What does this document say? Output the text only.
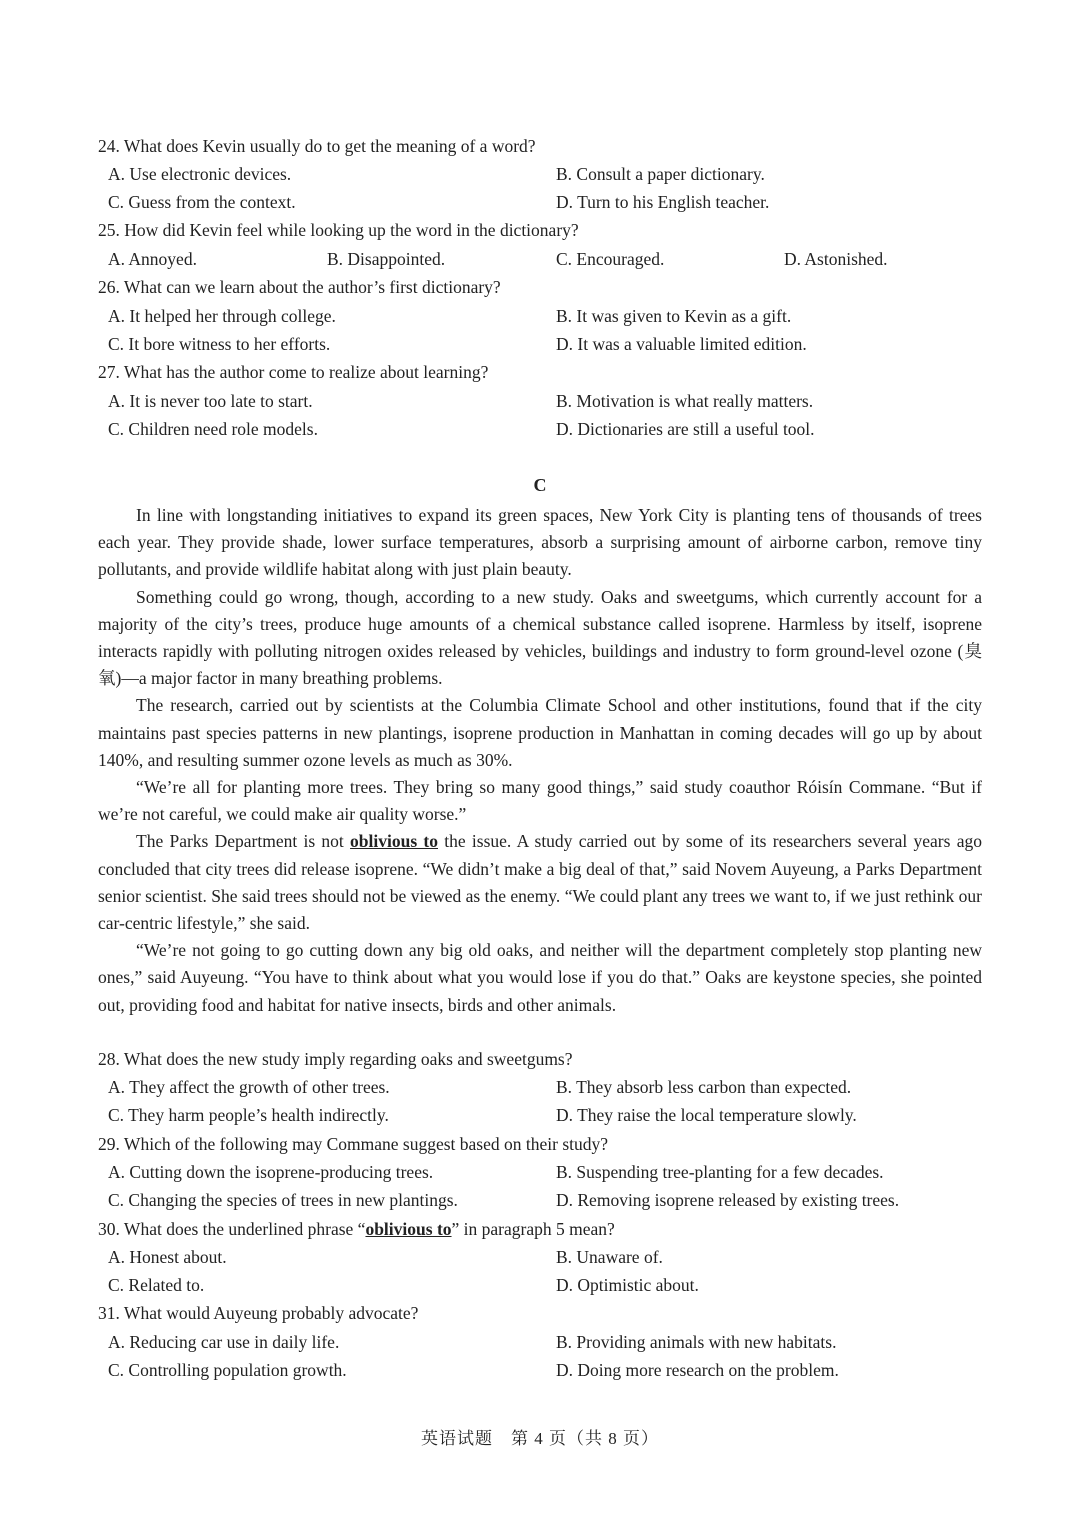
24. What does Kevin usually do to get the meaning of a word?
A. Use electronic devices.	B. Consult a paper dictionary.
C. Guess from the context.	D. Turn to his English teacher.
25. How did Kevin feel while looking up the word in the dictionary?
A. Annoyed.	B. Disappointed.	C. Encouraged.	D. Astonished.
26. What can we learn about the author’s first dictionary?
A. It helped her through college.	B. It was given to Kevin as a gift.
C. It bore witness to her efforts.	D. It was a valuable limited edition.
27. What has the author come to realize about learning?
A. It is never too late to start.	B. Motivation is what really matters.
C. Children need role models.	D. Dictionaries are still a useful tool.
C

In line with longstanding initiatives to expand its green spaces, New York City is planting tens of thousands of trees each year. They provide shade, lower surface temperatures, absorb a surprising amount of airborne carbon, remove tiny pollutants, and provide wildlife habitat along with just plain beauty.

Something could go wrong, though, according to a new study. Oaks and sweetgums, which currently account for a majority of the city’s trees, produce huge amounts of a chemical substance called isoprene. Harmless by itself, isoprene interacts rapidly with polluting nitrogen oxides released by vehicles, buildings and industry to form ground-level ozone (臭氧)—a major factor in many breathing problems.

The research, carried out by scientists at the Columbia Climate School and other institutions, found that if the city maintains past species patterns in new plantings, isoprene production in Manhattan in coming decades will go up by about 140%, and resulting summer ozone levels as much as 30%.

“We’re all for planting more trees. They bring so many good things,” said study coauthor Róisín Commane. “But if we’re not careful, we could make air quality worse.”

The Parks Department is not oblivious to the issue. A study carried out by some of its researchers several years ago concluded that city trees did release isoprene. “We didn’t make a big deal of that,” said Novem Auyeung, a Parks Department senior scientist. She said trees should not be viewed as the enemy. “We could plant any trees we want to, if we just rethink our car-centric lifestyle,” she said.

“We’re not going to go cutting down any big old oaks, and neither will the department completely stop planting new ones,” said Auyeung. “You have to think about what you would lose if you do that.” Oaks are keystone species, she pointed out, providing food and habitat for native insects, birds and other animals.

28. What does the new study imply regarding oaks and sweetgums?
A. They affect the growth of other trees.	B. They absorb less carbon than expected.
C. They harm people’s health indirectly.	D. They raise the local temperature slowly.
29. Which of the following may Commane suggest based on their study?
A. Cutting down the isoprene-producing trees.	B. Suspending tree-planting for a few decades.
C. Changing the species of trees in new plantings.	D. Removing isoprene released by existing trees.
30. What does the underlined phrase “oblivious to” in paragraph 5 mean?
A. Honest about.	B. Unaware of.
C. Related to.	D. Optimistic about.
31. What would Auyeung probably advocate?
A. Reducing car use in daily life.	B. Providing animals with new habitats.
C. Controlling population growth.	D. Doing more research on the problem.
英语试题　第 4 页（共 8 页）
